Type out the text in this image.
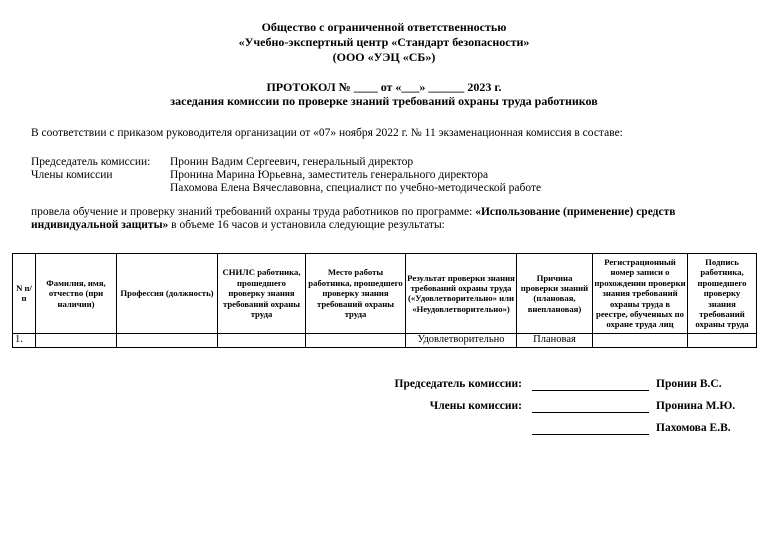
Общество с ограниченной ответственностью
«Учебно-экспертный центр «Стандарт безопасности»
(ООО «УЭЦ «СБ»)
ПРОТОКОЛ № ____ от «___» ______ 2023 г.
заседания комиссии по проверке знаний требований охраны труда работников

В соответствии с приказом руководителя организации от «07» ноября 2022 г. № 11 экзаменационная комиссия в составе:

Председатель комиссии:	Пронин Вадим Сергеевич, генеральный директор
Члены комиссии	Пронина Марина Юрьевна, заместитель генерального директора
Пахомова Елена Вячеславовна, специалист по учебно-методической работе

провела обучение и проверку знаний требований охраны труда работников по программе: «Использование (применение) средств индивидуальной защиты» в объеме 16 часов и установила следующие результаты:

N п/п	Фамилия, имя, отчество (при наличии)	Профессия (должность)	СНИЛС работника, прошедшего проверку знания требований охраны труда	Место работы работника, прошедшего проверку знания требований охраны труда	Результат проверки знания требований охраны труда («Удовлетворительно» или «Неудовлетворительно»)	Причина проверки знаний (плановая, внеплановая)	Регистрационный номер записи о прохождении проверки знания требований охраны труда в реестре, обученных по охране труда лиц	Подпись работника, прошедшего проверку знания требований охраны труда
1.					Удовлетворительно	Плановая		
Председатель комиссии:	Пронин В.С.
Члены комиссии:	Пронина М.Ю.
Пахомова Е.В.
